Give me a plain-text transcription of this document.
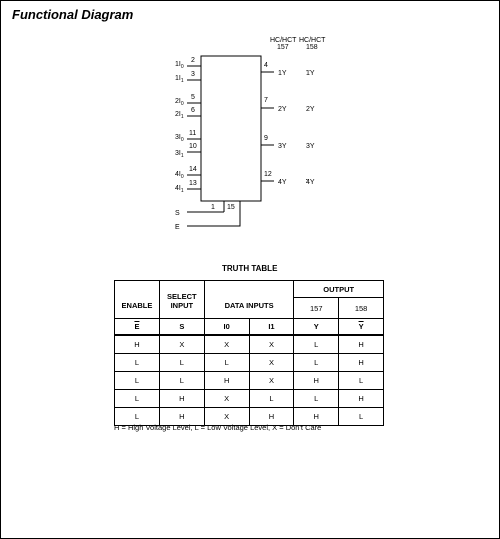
Functional Diagram
HC/HCT
157
HC/HCT
158
2
$1I_0$
3
$1I_1$
5
$2I_0$
6
$2I_1$
11
$3I_0$
10
$3I_1$
14
$4I_0$
13
$4I_1$
4
1Y	1Y
7
2Y	2Y
9
3Y	3Y
12
4Y	4Y
1 15
S
E
TRUTH TABLE
ENABLE	SELECT
INPUT	DATA INPUTS		OUTPUT	
				157	158
$\overline{E}$	S	I0	I1	Y	$\overline{Y}$
H	X	X	X	L	H
L	L	L	X	L	H
L	L	H	X	H	L
L	H	X	L	L	H
L	H	X	H	H	L
H = High Voltage Level, L = Low Voltage Level, X = Don't Care
